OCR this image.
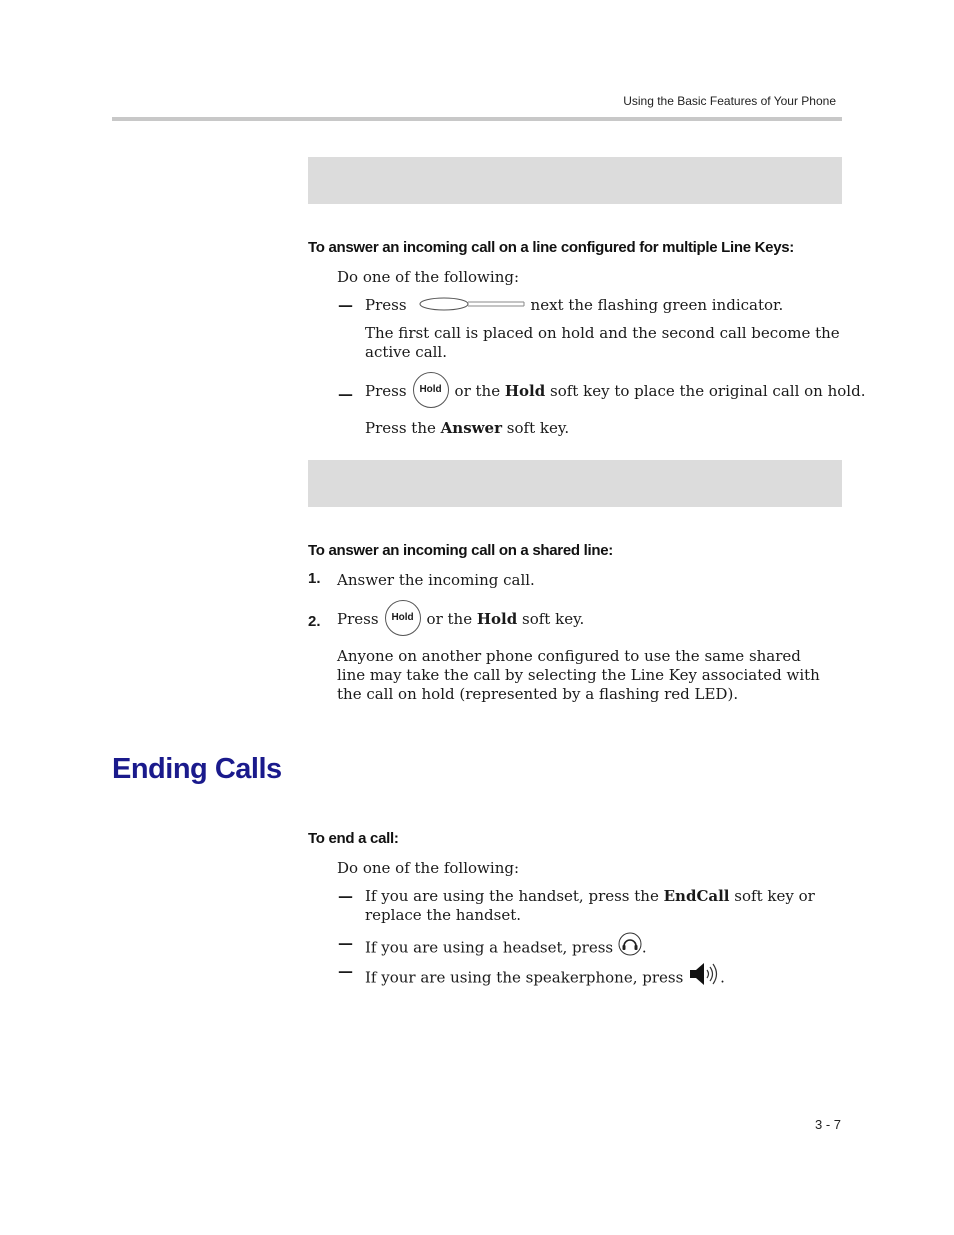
Using the Basic Features of Your Phone
To answer an incoming call on a line configured for multiple Line Keys:
Do one of the following:
— Press	next the flashing green indicator.
The first call is placed on hold and the second call become the active call.
— Press Hold or the Hold soft key to place the original call on hold.
Press the Answer soft key.
To answer an incoming call on a shared line:
1. Answer the incoming call.
2. Press Hold or the Hold soft key.
Anyone on another phone configured to use the same shared line may take the call by selecting the Line Key associated with the call on hold (represented by a flashing red LED).
Ending Calls
To end a call:
Do one of the following:
— If you are using the handset, press the EndCall soft key or replace the handset.
— If you are using a headset, press .
— If your are using the speakerphone, press .
3 - 7
